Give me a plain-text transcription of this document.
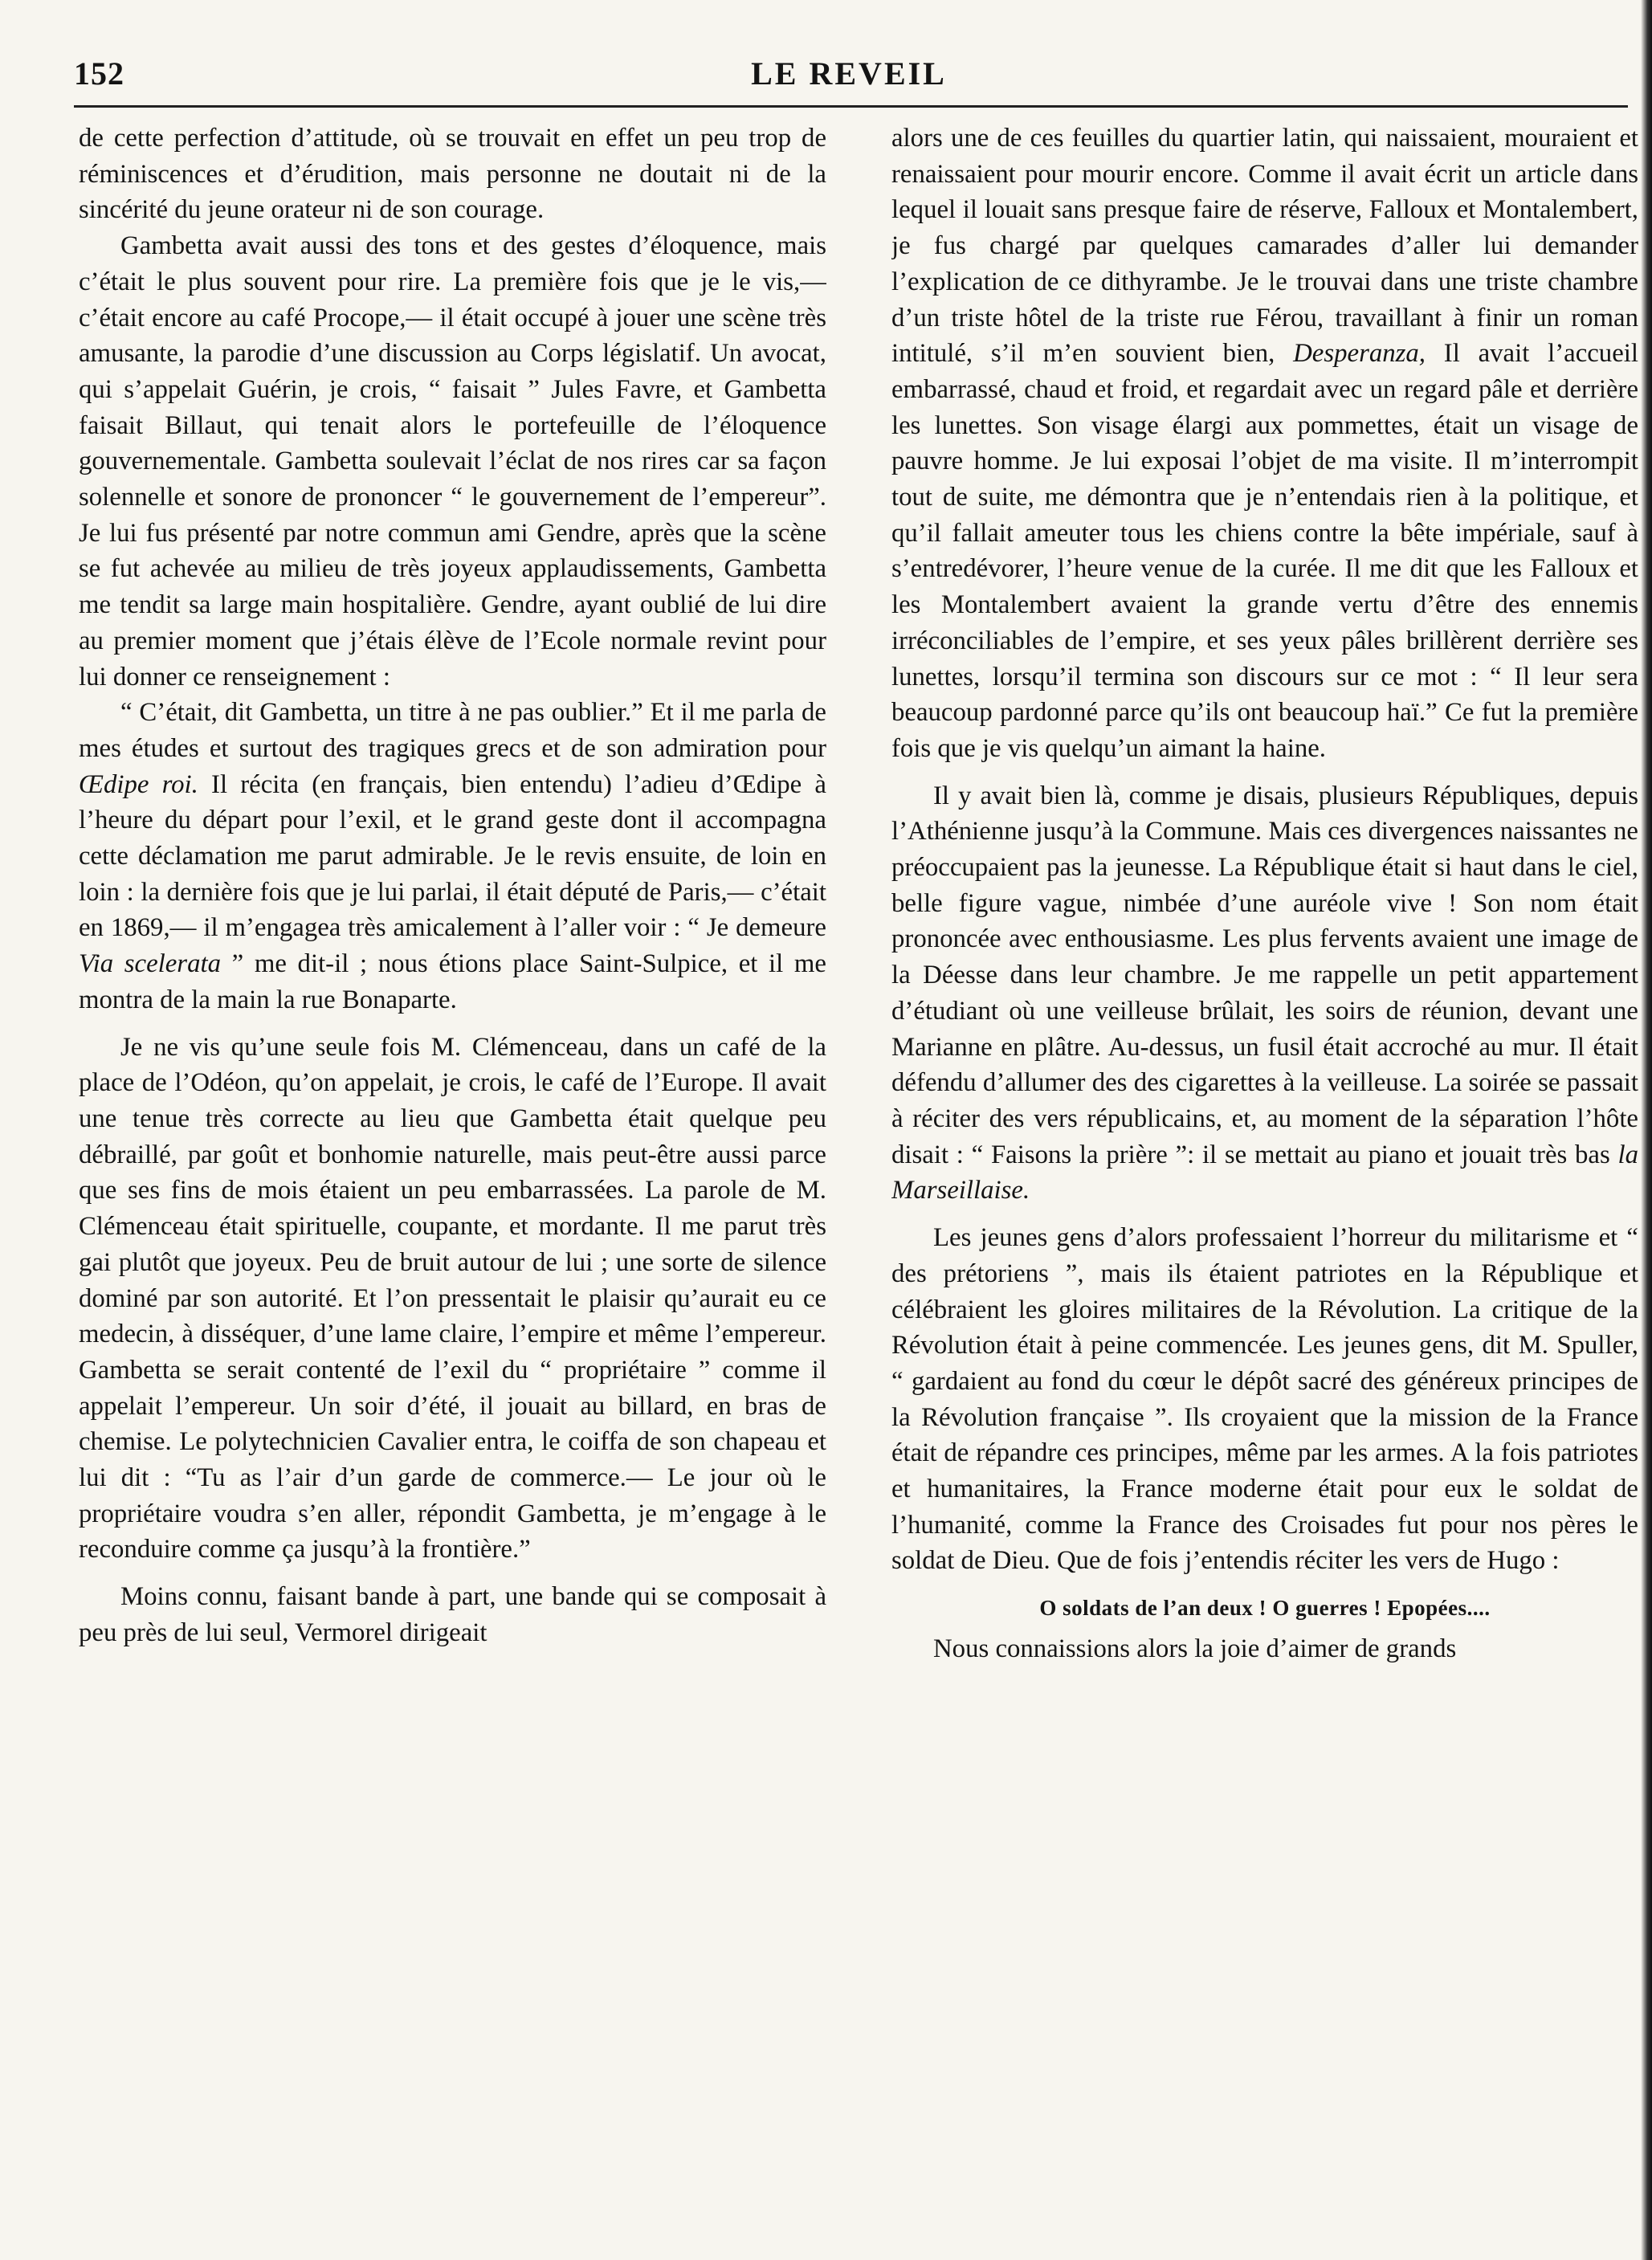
152	LE REVEIL

de cette perfection d’attitude, où se trouvait en effet un peu trop de réminiscences et d’érudition, mais personne ne doutait ni de la sincérité du jeune orateur ni de son courage.

Gambetta avait aussi des tons et des gestes d’éloquence, mais c’était le plus souvent pour rire. La première fois que je le vis,— c’était encore au café Procope,— il était occupé à jouer une scène très amusante, la parodie d’une discussion au Corps législatif. Un avocat, qui s’appelait Guérin, je crois, “ faisait ” Jules Favre, et Gambetta faisait Billaut, qui tenait alors le portefeuille de l’éloquence gouvernementale. Gambetta soulevait l’éclat de nos rires car sa façon solennelle et sonore de prononcer “ le gouvernement de l’empereur”. Je lui fus présenté par notre commun ami Gendre, après que la scène se fut achevée au milieu de très joyeux applaudissements, Gambetta me tendit sa large main hospitalière. Gendre, ayant oublié de lui dire au premier moment que j’étais élève de l’Ecole normale revint pour lui donner ce renseignement :

“ C’était, dit Gambetta, un titre à ne pas oublier.” Et il me parla de mes études et surtout des tragiques grecs et de son admiration pour Œdipe roi. Il récita (en français, bien entendu) l’adieu d’Œdipe à l’heure du départ pour l’exil, et le grand geste dont il accompagna cette déclamation me parut admirable. Je le revis ensuite, de loin en loin : la dernière fois que je lui parlai, il était député de Paris,— c’était en 1869,— il m’engagea très amicalement à l’aller voir : “ Je demeure Via scelerata ” me dit-il ; nous étions place Saint-Sulpice, et il me montra de la main la rue Bonaparte.

Je ne vis qu’une seule fois M. Clémenceau, dans un café de la place de l’Odéon, qu’on appelait, je crois, le café de l’Europe. Il avait une tenue très correcte au lieu que Gambetta était quelque peu débraillé, par goût et bonhomie naturelle, mais peut-être aussi parce que ses fins de mois étaient un peu embarrassées. La parole de M. Clémenceau était spirituelle, coupante, et mordante. Il me parut très gai plutôt que joyeux. Peu de bruit autour de lui ; une sorte de silence dominé par son autorité. Et l’on pressentait le plaisir qu’aurait eu ce medecin, à disséquer, d’une lame claire, l’empire et même l’empereur. Gambetta se serait contenté de l’exil du “ propriétaire ” comme il appelait l’empereur. Un soir d’été, il jouait au billard, en bras de chemise. Le polytechnicien Cavalier entra, le coiffa de son chapeau et lui dit : “Tu as l’air d’un garde de commerce.— Le jour où le propriétaire voudra s’en aller, répondit Gambetta, je m’engage à le reconduire comme ça jusqu’à la frontière.”

Moins connu, faisant bande à part, une bande qui se composait à peu près de lui seul, Vermorel dirigeait

alors une de ces feuilles du quartier latin, qui naissaient, mouraient et renaissaient pour mourir encore. Comme il avait écrit un article dans lequel il louait sans presque faire de réserve, Falloux et Montalembert, je fus chargé par quelques camarades d’aller lui demander l’explication de ce dithyrambe. Je le trouvai dans une triste chambre d’un triste hôtel de la triste rue Férou, travaillant à finir un roman intitulé, s’il m’en souvient bien, Desperanza, Il avait l’accueil embarrassé, chaud et froid, et regardait avec un regard pâle et derrière les lunettes. Son visage élargi aux pommettes, était un visage de pauvre homme. Je lui exposai l’objet de ma visite. Il m’interrompit tout de suite, me démontra que je n’entendais rien à la politique, et qu’il fallait ameuter tous les chiens contre la bête impériale, sauf à s’entredévorer, l’heure venue de la curée. Il me dit que les Falloux et les Montalembert avaient la grande vertu d’être des ennemis irréconciliables de l’empire, et ses yeux pâles brillèrent derrière ses lunettes, lorsqu’il termina son discours sur ce mot : “ Il leur sera beaucoup pardonné parce qu’ils ont beaucoup haï.” Ce fut la première fois que je vis quelqu’un aimant la haine.

Il y avait bien là, comme je disais, plusieurs Républiques, depuis l’Athénienne jusqu’à la Commune. Mais ces divergences naissantes ne préoccupaient pas la jeunesse. La République était si haut dans le ciel, belle figure vague, nimbée d’une auréole vive ! Son nom était prononcée avec enthousiasme. Les plus fervents avaient une image de la Déesse dans leur chambre. Je me rappelle un petit appartement d’étudiant où une veilleuse brûlait, les soirs de réunion, devant une Marianne en plâtre. Au-dessus, un fusil était accroché au mur. Il était défendu d’allumer des des cigarettes à la veilleuse. La soirée se passait à réciter des vers républicains, et, au moment de la séparation l’hôte disait : “ Faisons la prière ”: il se mettait au piano et jouait très bas la Marseillaise.

Les jeunes gens d’alors professaient l’horreur du militarisme et “ des prétoriens ”, mais ils étaient patriotes en la République et célébraient les gloires militaires de la Révolution. La critique de la Révolution était à peine commencée. Les jeunes gens, dit M. Spuller, “ gardaient au fond du cœur le dépôt sacré des généreux principes de la Révolution française ”. Ils croyaient que la mission de la France était de répandre ces principes, même par les armes. A la fois patriotes et humanitaires, la France moderne était pour eux le soldat de l’humanité, comme la France des Croisades fut pour nos pères le soldat de Dieu. Que de fois j’entendis réciter les vers de Hugo :

O soldats de l’an deux ! O guerres ! Epopées....

Nous connaissions alors la joie d’aimer de grands
